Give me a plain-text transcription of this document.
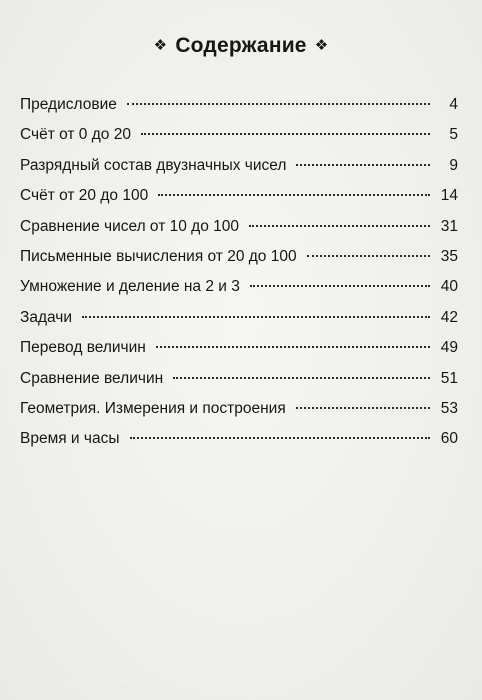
❖ Содержание ❖
Предисловие	4
Счёт от 0 до 20	5
Разрядный состав двузначных чисел	9
Счёт от 20 до 100	14
Сравнение чисел от 10 до 100	31
Письменные вычисления от 20 до 100	35
Умножение и деление на 2 и 3	40
Задачи	42
Перевод величин	49
Сравнение величин	51
Геометрия. Измерения и построения	53
Время и часы	60
